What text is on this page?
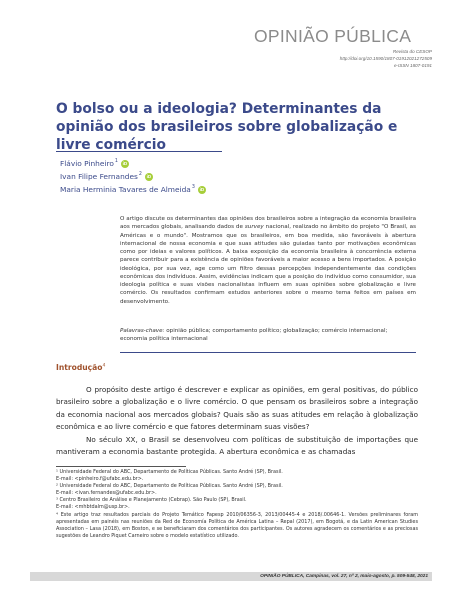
OPINIÃO PÚBLICA
Revista do CESOP
http://doi.org/10.1590/1807-01912021272509
e-ISSN 1807-0191
O bolso ou a ideologia? Determinantes da opinião dos brasileiros sobre globalização e livre comércio
Flávio Pinheiro$^1$	iD
Ivan Filipe Fernandes$^2$	iD
Maria Herminia Tavares de Almeida$^3$	iD
O artigo discute os determinantes das opiniões dos brasileiros sobre a integração da economia brasileira aos mercados globais, analisando dados de survey nacional, realizado no âmbito do projeto "O Brasil, as Américas e o mundo". Mostramos que os brasileiros, em boa medida, são favoráveis à abertura internacional de nossa economia e que suas atitudes são guiadas tanto por motivações econômicas como por ideias e valores políticos. A baixa exposição da economia brasileira à concorrência externa parece contribuir para a existência de opiniões favoráveis a maior acesso a bens importados. A posição ideológica, por sua vez, age como um filtro dessas percepções independentemente das condições econômicas dos indivíduos. Assim, evidências indicam que a posição do indivíduo como consumidor, sua ideologia política e suas visões nacionalistas influem em suas opiniões sobre globalização e livre comércio. Os resultados confirmam estudos anteriores sobre o mesmo tema feitos em países em desenvolvimento.
Palavras-chave: opinião pública; comportamento político; globalização; comércio internacional; economia política internacional
Introdução$^4$

O propósito deste artigo é descrever e explicar as opiniões, em geral positivas, do público brasileiro sobre a globalização e o livre comércio. O que pensam os brasileiros sobre a integração da economia nacional aos mercados globais? Quais são as suas atitudes em relação à globalização econômica e ao livre comércio e que fatores determinam suas visões?

No século XX, o Brasil se desenvolveu com políticas de substituição de importações que mantiveram a economia bastante protegida. A abertura econômica e as chamadas

¹ Universidade Federal do ABC, Departamento de Políticas Públicas. Santo André (SP), Brasil.
E-mail: <pinheiro.f@ufabc.edu.br>.
² Universidade Federal do ABC, Departamento de Políticas Públicas. Santo André (SP), Brasil.
E-mail: <ivan.fernandes@ufabc.edu.br>.
³ Centro Brasileiro de Análise e Planejamento (Cebrap). São Paulo (SP), Brasil.
E-mail: <mhbtdalm@usp.br>.
⁴ Este artigo traz resultados parciais do Projeto Temático Fapesp 2010/06356-3, 2013/00445-4 e 2018/.00646-1. Versões preliminares foram apresentadas em painéis nas reuniões da Red de Economía Política de América Latina – Repal (2017), em Bogotá, e da Latin American Studies Association – Lasa (2018), em Boston, e se beneficiaram dos comentários dos participantes. Os autores agradecem os comentários e as preciosas sugestões de Leandro Piquet Carneiro sobre o modelo estatístico utilizado.
OPINIÃO PÚBLICA, Campinas, vol. 27, nº 2, maio-agosto, p. 509-548, 2021
